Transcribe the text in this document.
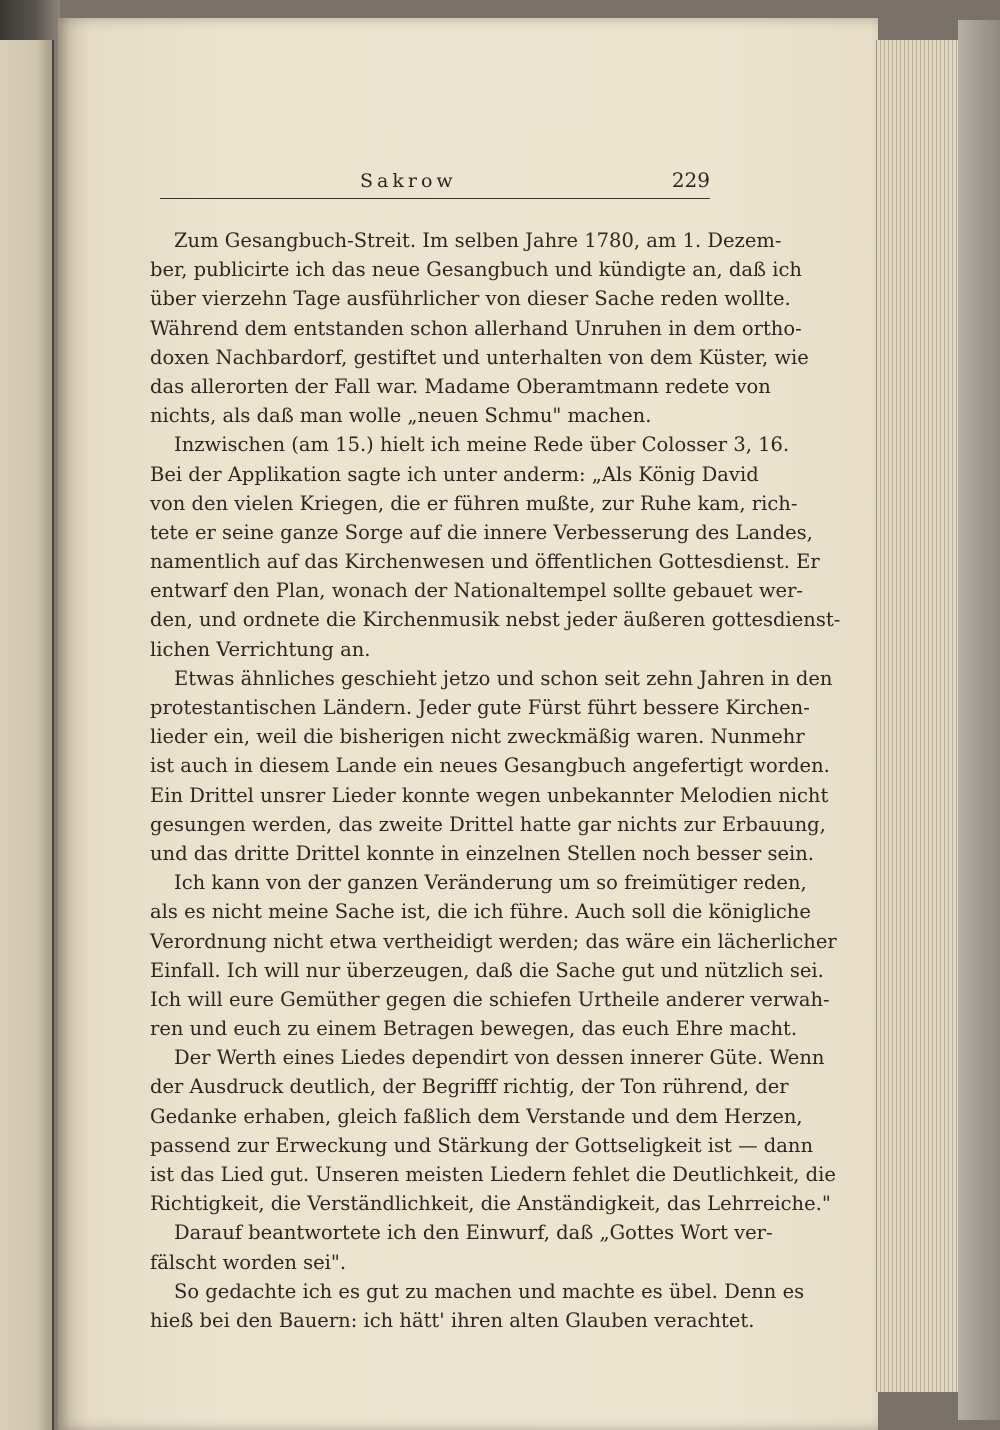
Sakrow	229
Zum Gesangbuch-Streit. Im selben Jahre 1780, am 1. Dezem-
ber, publicirte ich das neue Gesangbuch und kündigte an, daß ich
über vierzehn Tage ausführlicher von dieser Sache reden wollte.
Während dem entstanden schon allerhand Unruhen in dem ortho-
doxen Nachbardorf, gestiftet und unterhalten von dem Küster, wie
das allerorten der Fall war. Madame Oberamtmann redete von
nichts, als daß man wolle „neuen Schmu" machen.
Inzwischen (am 15.) hielt ich meine Rede über Colosser 3, 16.
Bei der Applikation sagte ich unter anderm: „Als König David
von den vielen Kriegen, die er führen mußte, zur Ruhe kam, rich-
tete er seine ganze Sorge auf die innere Verbesserung des Landes,
namentlich auf das Kirchenwesen und öffentlichen Gottesdienst. Er
entwarf den Plan, wonach der Nationaltempel sollte gebauet wer-
den, und ordnete die Kirchenmusik nebst jeder äußeren gottesdienst-
lichen Verrichtung an.
Etwas ähnliches geschieht jetzo und schon seit zehn Jahren in den
protestantischen Ländern. Jeder gute Fürst führt bessere Kirchen-
lieder ein, weil die bisherigen nicht zweckmäßig waren. Nunmehr
ist auch in diesem Lande ein neues Gesangbuch angefertigt worden.
Ein Drittel unsrer Lieder konnte wegen unbekannter Melodien nicht
gesungen werden, das zweite Drittel hatte gar nichts zur Erbauung,
und das dritte Drittel konnte in einzelnen Stellen noch besser sein.
Ich kann von der ganzen Veränderung um so freimütiger reden,
als es nicht meine Sache ist, die ich führe. Auch soll die königliche
Verordnung nicht etwa vertheidigt werden; das wäre ein lächerlicher
Einfall. Ich will nur überzeugen, daß die Sache gut und nützlich sei.
Ich will eure Gemüther gegen die schiefen Urtheile anderer verwah-
ren und euch zu einem Betragen bewegen, das euch Ehre macht.
Der Werth eines Liedes dependirt von dessen innerer Güte. Wenn
der Ausdruck deutlich, der Begrifff richtig, der Ton rührend, der
Gedanke erhaben, gleich faßlich dem Verstande und dem Herzen,
passend zur Erweckung und Stärkung der Gottseligkeit ist — dann
ist das Lied gut. Unseren meisten Liedern fehlet die Deutlichkeit, die
Richtigkeit, die Verständlichkeit, die Anständigkeit, das Lehrreiche."
Darauf beantwortete ich den Einwurf, daß „Gottes Wort ver-
fälscht worden sei".
So gedachte ich es gut zu machen und machte es übel. Denn es
hieß bei den Bauern: ich hätt' ihren alten Glauben verachtet.
